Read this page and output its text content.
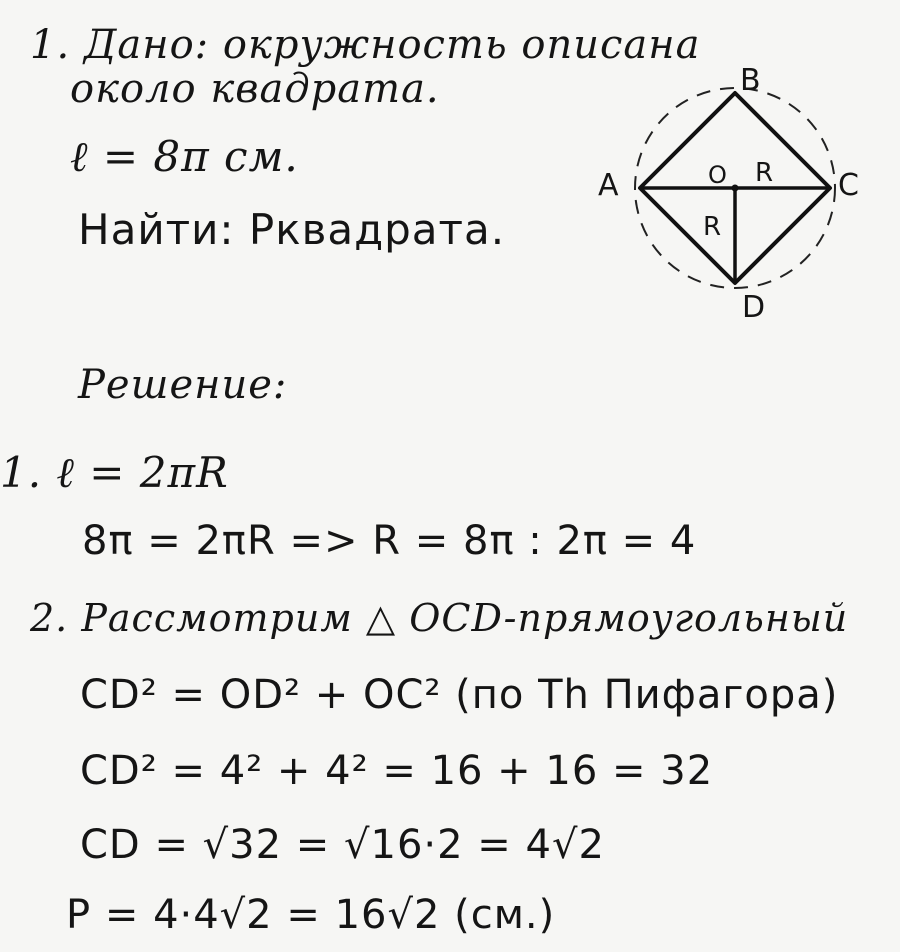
1. Дано: окружность описана
около квадрата.
ℓ = 8π см.
Найти: Pквадрата.
B
C
D
A	O R
R
Решение:
1. ℓ = 2πR
8π = 2πR => R = 8π : 2π = 4
2. Рассмотрим △ OCD-прямоугольный
CD² = OD² + OC² (по Th Пифагора)
CD² = 4² + 4² = 16 + 16 = 32
CD = √32 = √16·2 = 4√2
P = 4·4√2 = 16√2 (см.)
